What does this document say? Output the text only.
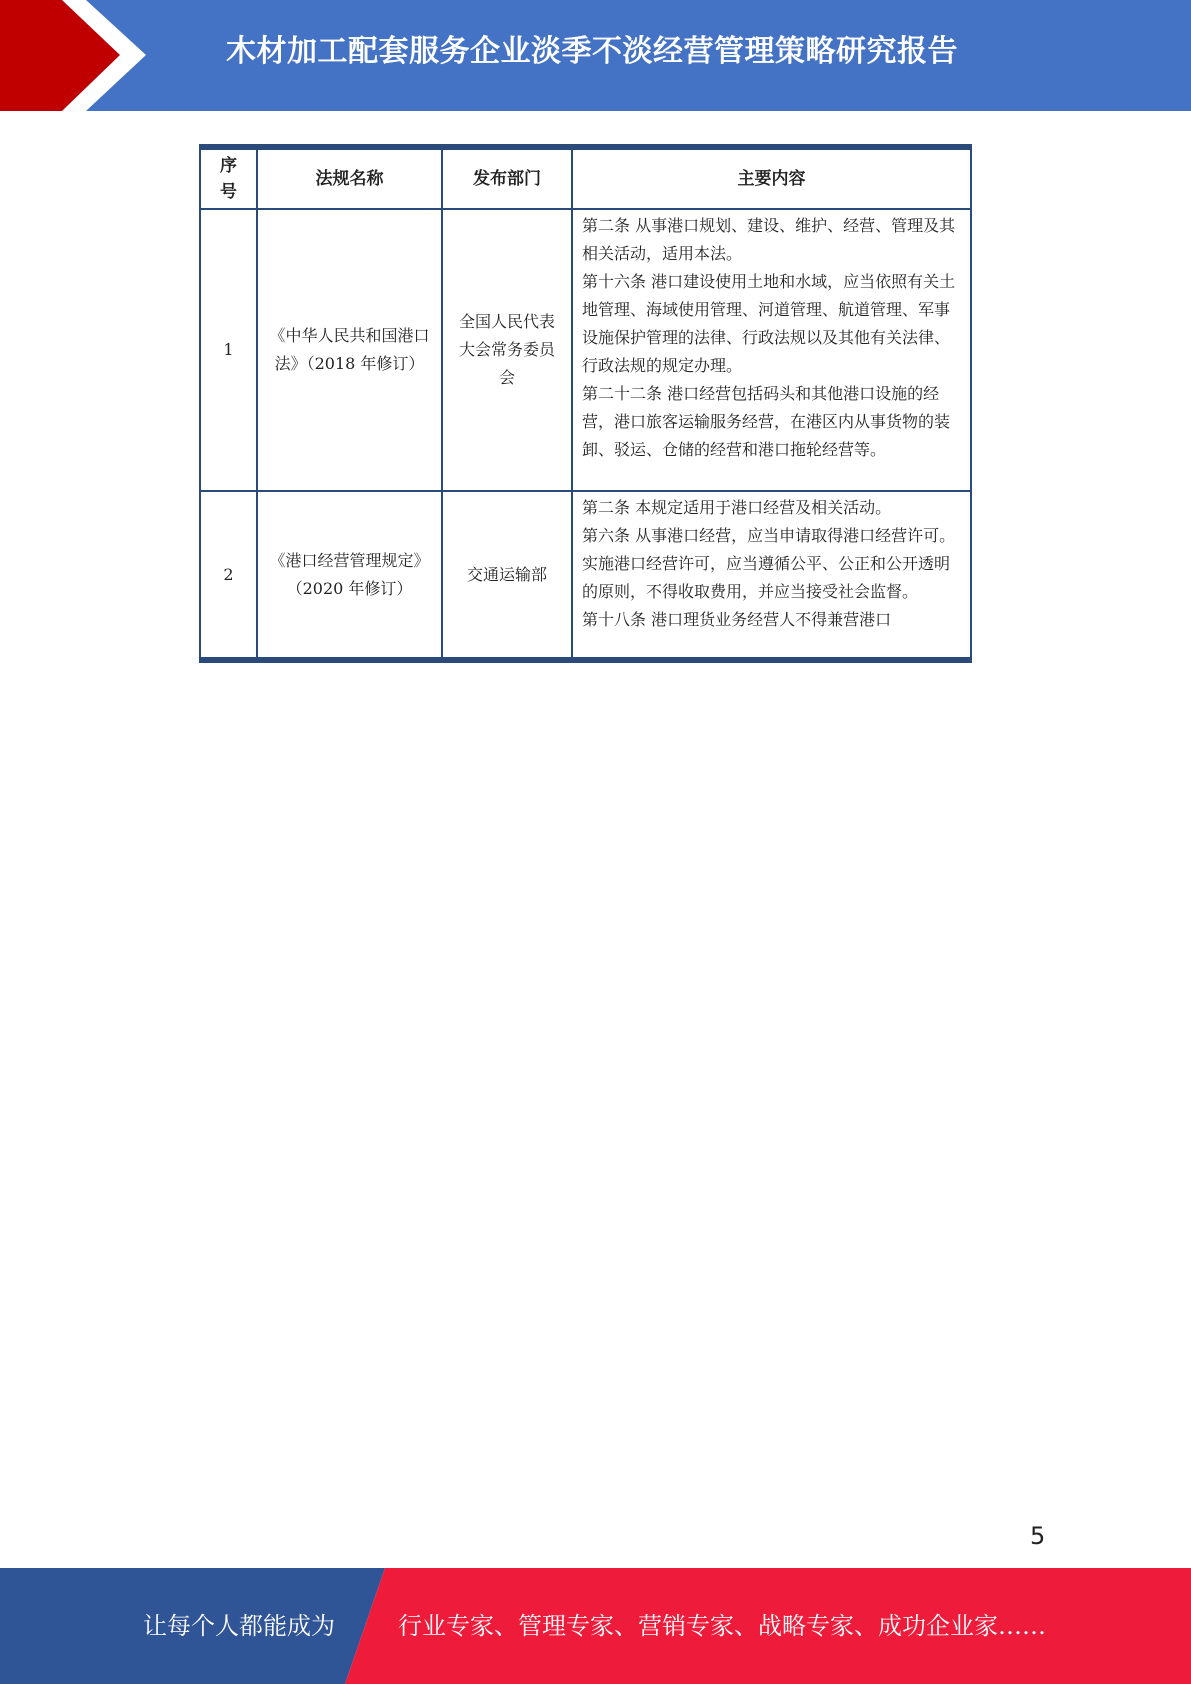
木材加工配套服务企业淡季不淡经营管理策略研究报告
序号	法规名称	发布部门	主要内容
1	《中华人民共和国港口法》（2018 年修订）	全国人民代表大会常务委员会	第二条 从事港口规划、建设、维护、经营、管理及其相关活动，适用本法。

第十六条 港口建设使用土地和水域，应当依照有关土地管理、海域使用管理、河道管理、航道管理、军事设施保护管理的法律、行政法规以及其他有关法律、行政法规的规定办理。

第二十二条 港口经营包括码头和其他港口设施的经营，港口旅客运输服务经营，在港区内从事货物的装卸、驳运、仓储的经营和港口拖轮经营等。

2	《港口经营管理规定》（2020 年修订）	交通运输部	第二条 本规定适用于港口经营及相关活动。

第六条 从事港口经营，应当申请取得港口经营许可。 实施港口经营许可，应当遵循公平、公正和公开透明的原则，不得收取费用，并应当接受社会监督。

第十八条 港口理货业务经营人不得兼营港口

5
让每个人都能成为	行业专家、管理专家、营销专家、战略专家、成功企业家……
